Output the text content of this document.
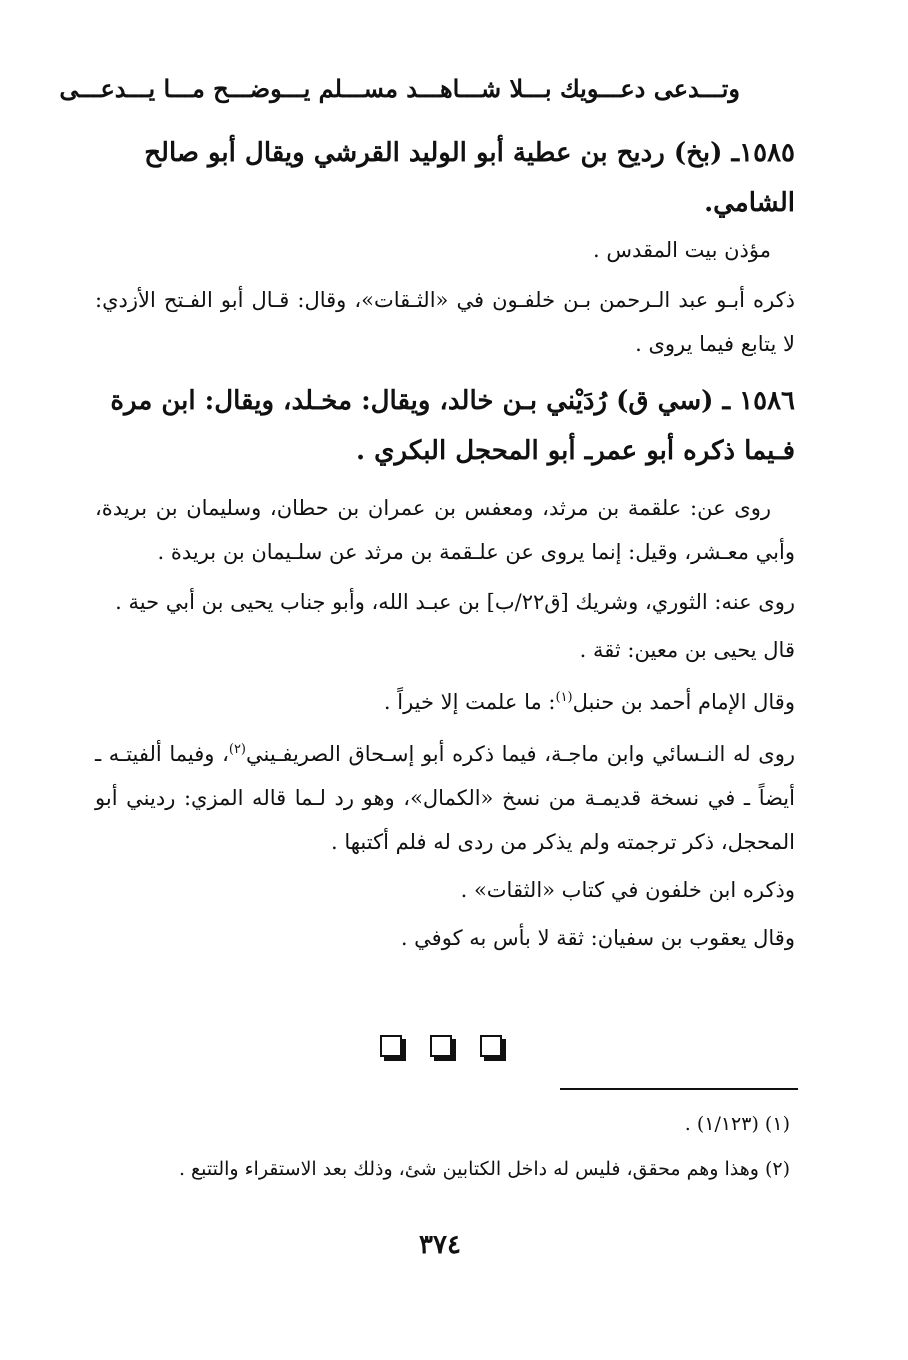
وتـــدعى دعـــويك بـــلا شـــاهـــد مســـلم يـــوضـــح مـــا يـــدعـــى

١٥٨٥ـ (بخ) رديح بن عطية أبو الوليد القرشي ويقال أبو صالح الشامي.

مؤذن بيت المقدس .

ذكره أبـو عبد الـرحمن بـن خلفـون في «الثـقات»، وقال: قـال أبو الفـتح الأزدي: لا يتابع فيما يروى .

١٥٨٦ ـ (سي ق) رُدَيْني بـن خالد، ويقال: مخـلد، ويقال: ابن مرة فـيما ذكره أبو عمرـ أبو المحجل البكري .

روى عن: علقمة بن مرثد، ومعفس بن عمران بن حطان، وسليمان بن بريدة، وأبي معـشر، وقيل: إنما يروى عن علـقمة بن مرثد عن سلـيمان بن بريدة .

روى عنه: الثوري، وشريك [ق٢٢/ب] بن عبـد الله، وأبو جناب يحيى بن أبي حية .

قال يحيى بن معين: ثقة .

وقال الإمام أحمد بن حنبل$^{(١)}$: ما علمت إلا خيراً .

روى له النـسائي وابن ماجـة، فيما ذكره أبو إسـحاق الصريفـيني$^{(٢)}$، وفيما ألفيتـه ـ أيضاً ـ في نسخة قديمـة من نسخ «الكمال»، وهو رد لـما قاله المزي: رديني أبو المحجل، ذكر ترجمته ولم يذكر من ردى له فلم أكتبها .

وذكره ابن خلفون في كتاب «الثقات» .

وقال يعقوب بن سفيان: ثقة لا بأس به كوفي .

(١) (١/١٢٣) .
(٢) وهذا وهم محقق، فليس له داخل الكتابين شئ، وذلك بعد الاستقراء والتتبع .
٣٧٤
